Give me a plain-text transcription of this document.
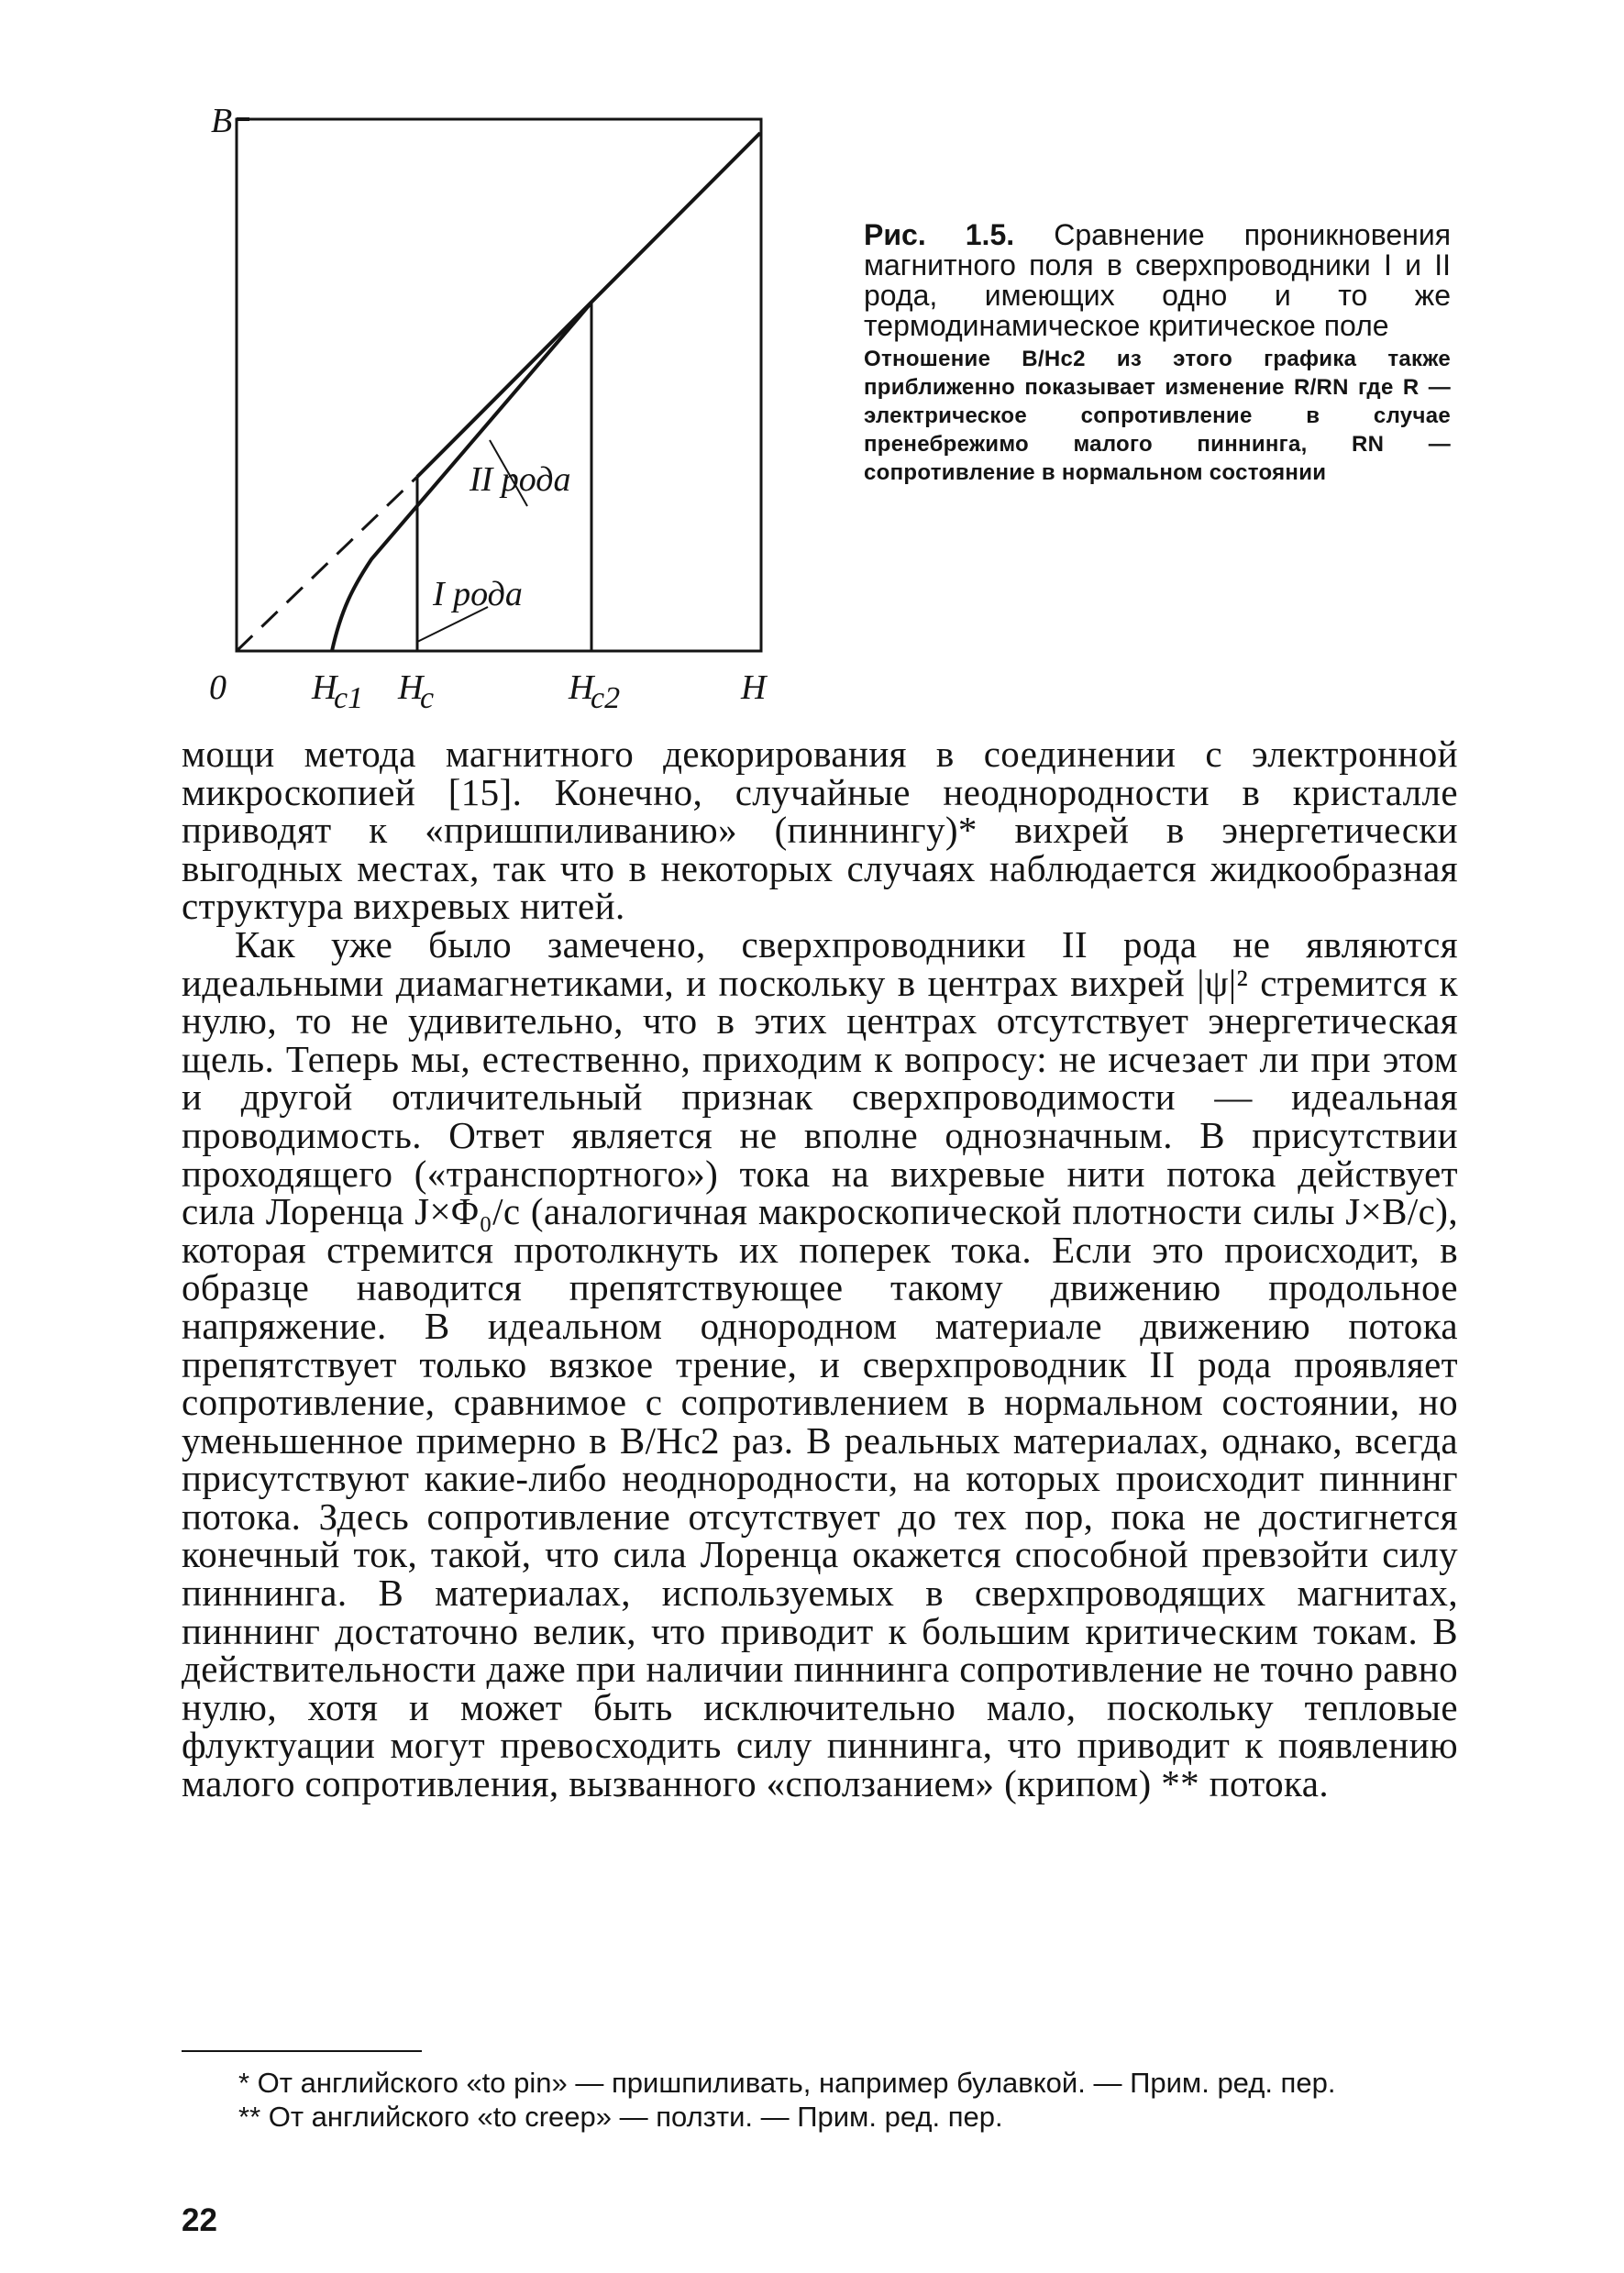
B
0 H
c1 H
c	H
c2	H
II рода
I рода
Рис. 1.5. Сравнение проникновения магнитного поля в сверхпроводники I и II рода, имеющих одно и то же термодинамическое критическое поле
Отношение B/Hc2 из этого графика также приближенно показывает изменение R/RN где R — электрическое сопротивление в случае пренебрежимо малого пиннинга, RN — сопротивление в нормальном состоянии

мощи метода магнитного декорирования в соединении с электронной микроскопией [15]. Конечно, случайные неоднородности в кристалле приводят к «пришпиливанию» (пиннингу)* вихрей в энергетически выгодных местах, так что в некоторых случаях наблюдается жидкообразная структура вихревых нитей.

Как уже было замечено, сверхпроводники II рода не являются идеальными диамагнетиками, и поскольку в центрах вихрей |ψ|² стремится к нулю, то не удивительно, что в этих центрах отсутствует энергетическая щель. Теперь мы, естественно, приходим к вопросу: не исчезает ли при этом и другой отличительный признак сверхпроводимости — идеальная проводимость. Ответ является не вполне однозначным. В присутствии проходящего («транспортного») тока на вихревые нити потока действует сила Лоренца J×Φ₀/c (аналогичная макроскопической плотности силы J×B/c), которая стремится протолкнуть их поперек тока. Если это происходит, в образце наводится препятствующее такому движению продольное напряжение. В идеальном однородном материале движению потока препятствует только вязкое трение, и сверхпроводник II рода проявляет сопротивление, сравнимое с сопротивлением в нормальном состоянии, но уменьшенное примерно в B/Hc2 раз. В реальных материалах, однако, всегда присутствуют какие-либо неоднородности, на которых происходит пиннинг потока. Здесь сопротивление отсутствует до тех пор, пока не достигнется конечный ток, такой, что сила Лоренца окажется способной превзойти силу пиннинга. В материалах, используемых в сверхпроводящих магнитах, пиннинг достаточно велик, что приводит к большим критическим токам. В действительности даже при наличии пиннинга сопротивление не точно равно нулю, хотя и может быть исключительно мало, поскольку тепловые флуктуации могут превосходить силу пиннинга, что приводит к появлению малого сопротивления, вызванного «сползанием» (крипом) ** потока.

* От английского «to pin» — пришпиливать, например булавкой. — Прим. ред. пер.

** От английского «to creep» — ползти. — Прим. ред. пер.

22
